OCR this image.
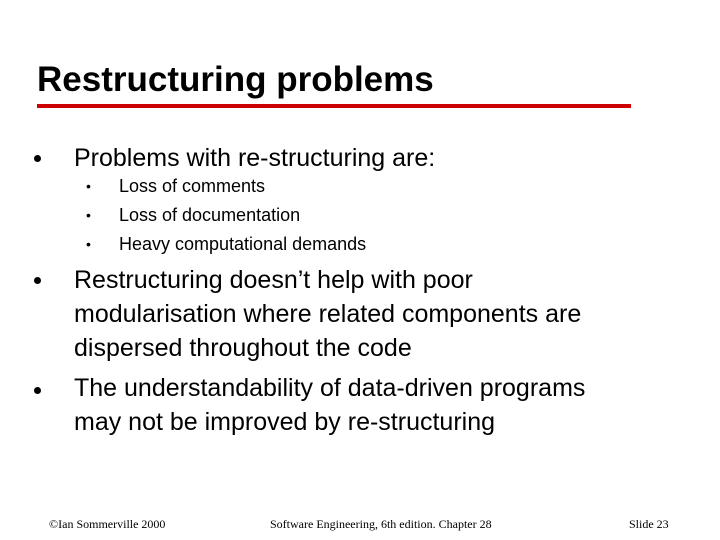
Restructuring problems

Problems with re-structuring are:

• Loss of comments

• Loss of documentation

• Heavy computational demands

Restructuring doesn’t help with poor

modularisation where related components are

dispersed throughout the code

The understandability of data-driven programs

may not be improved by re-structuring

©Ian Sommerville 2000	Software Engineering, 6th edition. Chapter 28	Slide 23
